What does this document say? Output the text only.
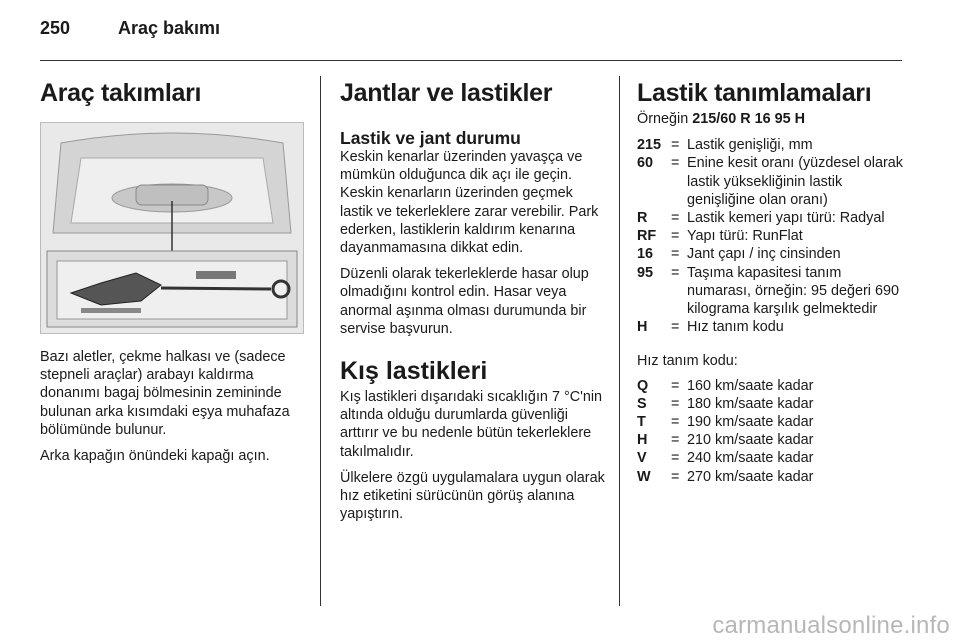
250	Araç bakımı
Araç takımları

Bazı aletler, çekme halkası ve (sadece stepneli araçlar) arabayı kaldırma donanımı bagaj bölmesinin zemininde bulunan arka kısımdaki eşya muhafaza bölümünde bulunur.

Arka kapağın önündeki kapağı açın.

Jantlar ve lastikler
Lastik ve jant durumu

Keskin kenarlar üzerinden yavaşça ve mümkün olduğunca dik açı ile geçin. Keskin kenarların üzerinden geçmek lastik ve tekerleklere zarar verebilir. Park ederken, lastiklerin kaldırım kenarına dayanmamasına dikkat edin.

Düzenli olarak tekerleklerde hasar olup olmadığını kontrol edin. Hasar veya anormal aşınma olması durumunda bir servise başvurun.

Kış lastikleri

Kış lastikleri dışarıdaki sıcaklığın 7 °C'nin altında olduğu durumlarda güvenliği arttırır ve bu nedenle bütün tekerleklere takılmalıdır.

Ülkelere özgü uygulamalara uygun olarak hız etiketini sürücünün görüş alanına yapıştırın.

Lastik tanımlamaları

Örneğin 215/60 R 16 95 H

215	=	Lastik genişliği, mm
60	=	Enine kesit oranı (yüzdesel olarak lastik yüksekliğinin lastik genişliğine olan oranı)
R	=	Lastik kemeri yapı türü: Radyal
RF	=	Yapı türü: RunFlat
16	=	Jant çapı / inç cinsinden
95	=	Taşıma kapasitesi tanım numarası, örneğin: 95 değeri 690 kilograma karşılık gelmektedir
H	=	Hız tanım kodu

Hız tanım kodu:

Q	=	160 km/saate kadar
S	=	180 km/saate kadar
T	=	190 km/saate kadar
H	=	210 km/saate kadar
V	=	240 km/saate kadar
W	=	270 km/saate kadar
carmanualsonline.info
